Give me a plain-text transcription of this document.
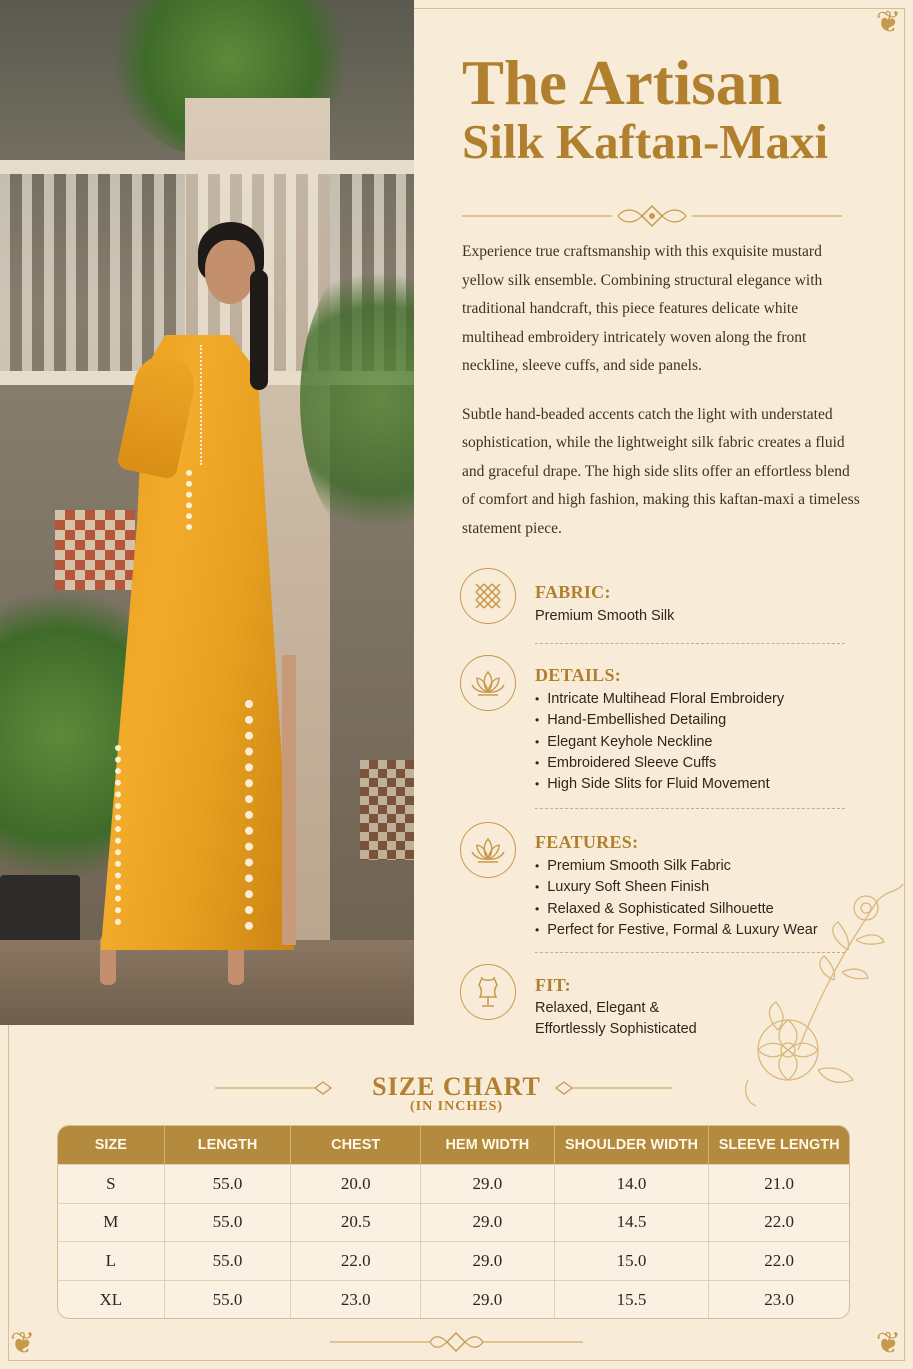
❦
❦	❦
The Artisan
Silk Kaftan-Maxi

Experience true craftsmanship with this exquisite mustard yellow silk ensemble. Combining structural elegance with traditional handcraft, this piece features delicate white multihead embroidery intricately woven along the front neckline, sleeve cuffs, and side panels.

Subtle hand-beaded accents catch the light with understated sophistication, while the lightweight silk fabric creates a fluid and graceful drape. The high side slits offer an effortless blend of comfort and high fashion, making this kaftan-maxi a timeless statement piece.

FABRIC:
Premium Smooth Silk
DETAILS:
• Intricate Multihead Floral Embroidery
• Hand-Embellished Detailing
• Elegant Keyhole Neckline
• Embroidered Sleeve Cuffs
• High Side Slits for Fluid Movement
FEATURES:
• Premium Smooth Silk Fabric
• Luxury Soft Sheen Finish
• Relaxed & Sophisticated Silhouette
• Perfect for Festive, Formal & Luxury Wear
FIT:
Relaxed, Elegant &
Effortlessly Sophisticated
SIZE CHART
(IN INCHES)
SIZE	LENGTH	CHEST	HEM WIDTH	SHOULDER WIDTH	SLEEVE LENGTH
S	55.0	20.0	29.0	14.0	21.0
M	55.0	20.5	29.0	14.5	22.0
L	55.0	22.0	29.0	15.0	22.0
XL	55.0	23.0	29.0	15.5	23.0
